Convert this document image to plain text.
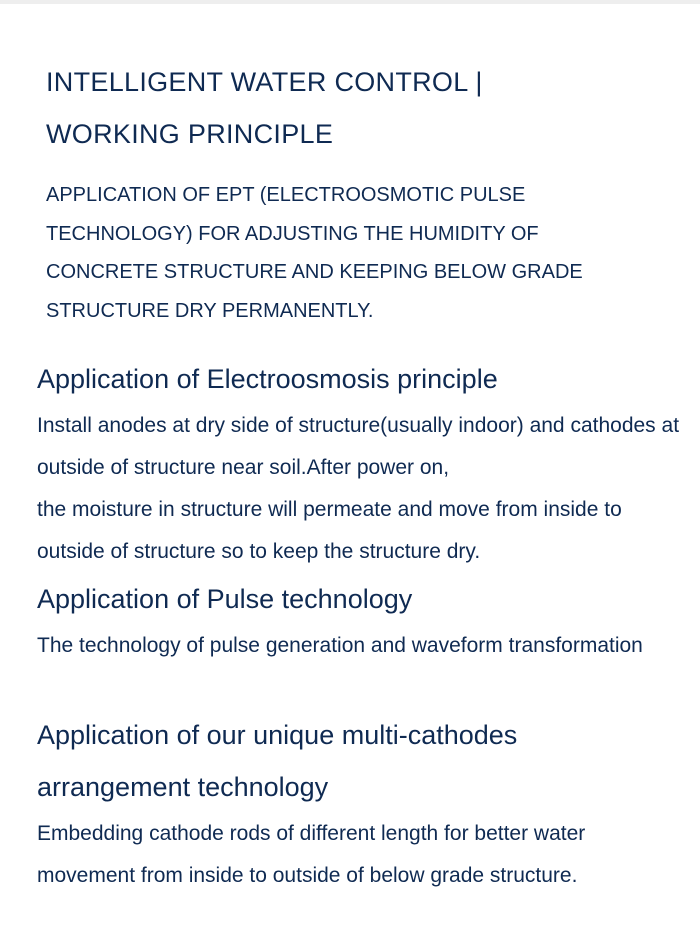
INTELLIGENT WATER CONTROL |
WORKING PRINCIPLE

APPLICATION OF EPT (ELECTROOSMOTIC PULSE TECHNOLOGY) FOR ADJUSTING THE HUMIDITY OF CONCRETE STRUCTURE AND KEEPING BELOW GRADE STRUCTURE DRY PERMANENTLY.

Application of Electroosmosis principle

Install anodes at dry side of structure(usually indoor) and cathodes at outside of structure near soil.After power on,
the moisture in structure will permeate and move from inside to outside of structure so to keep the structure dry.

Application of Pulse technology

The technology of pulse generation and waveform transformation

Application of our unique multi-cathodes arrangement technology

Embedding cathode rods of different length for better water movement from inside to outside of below grade structure.
